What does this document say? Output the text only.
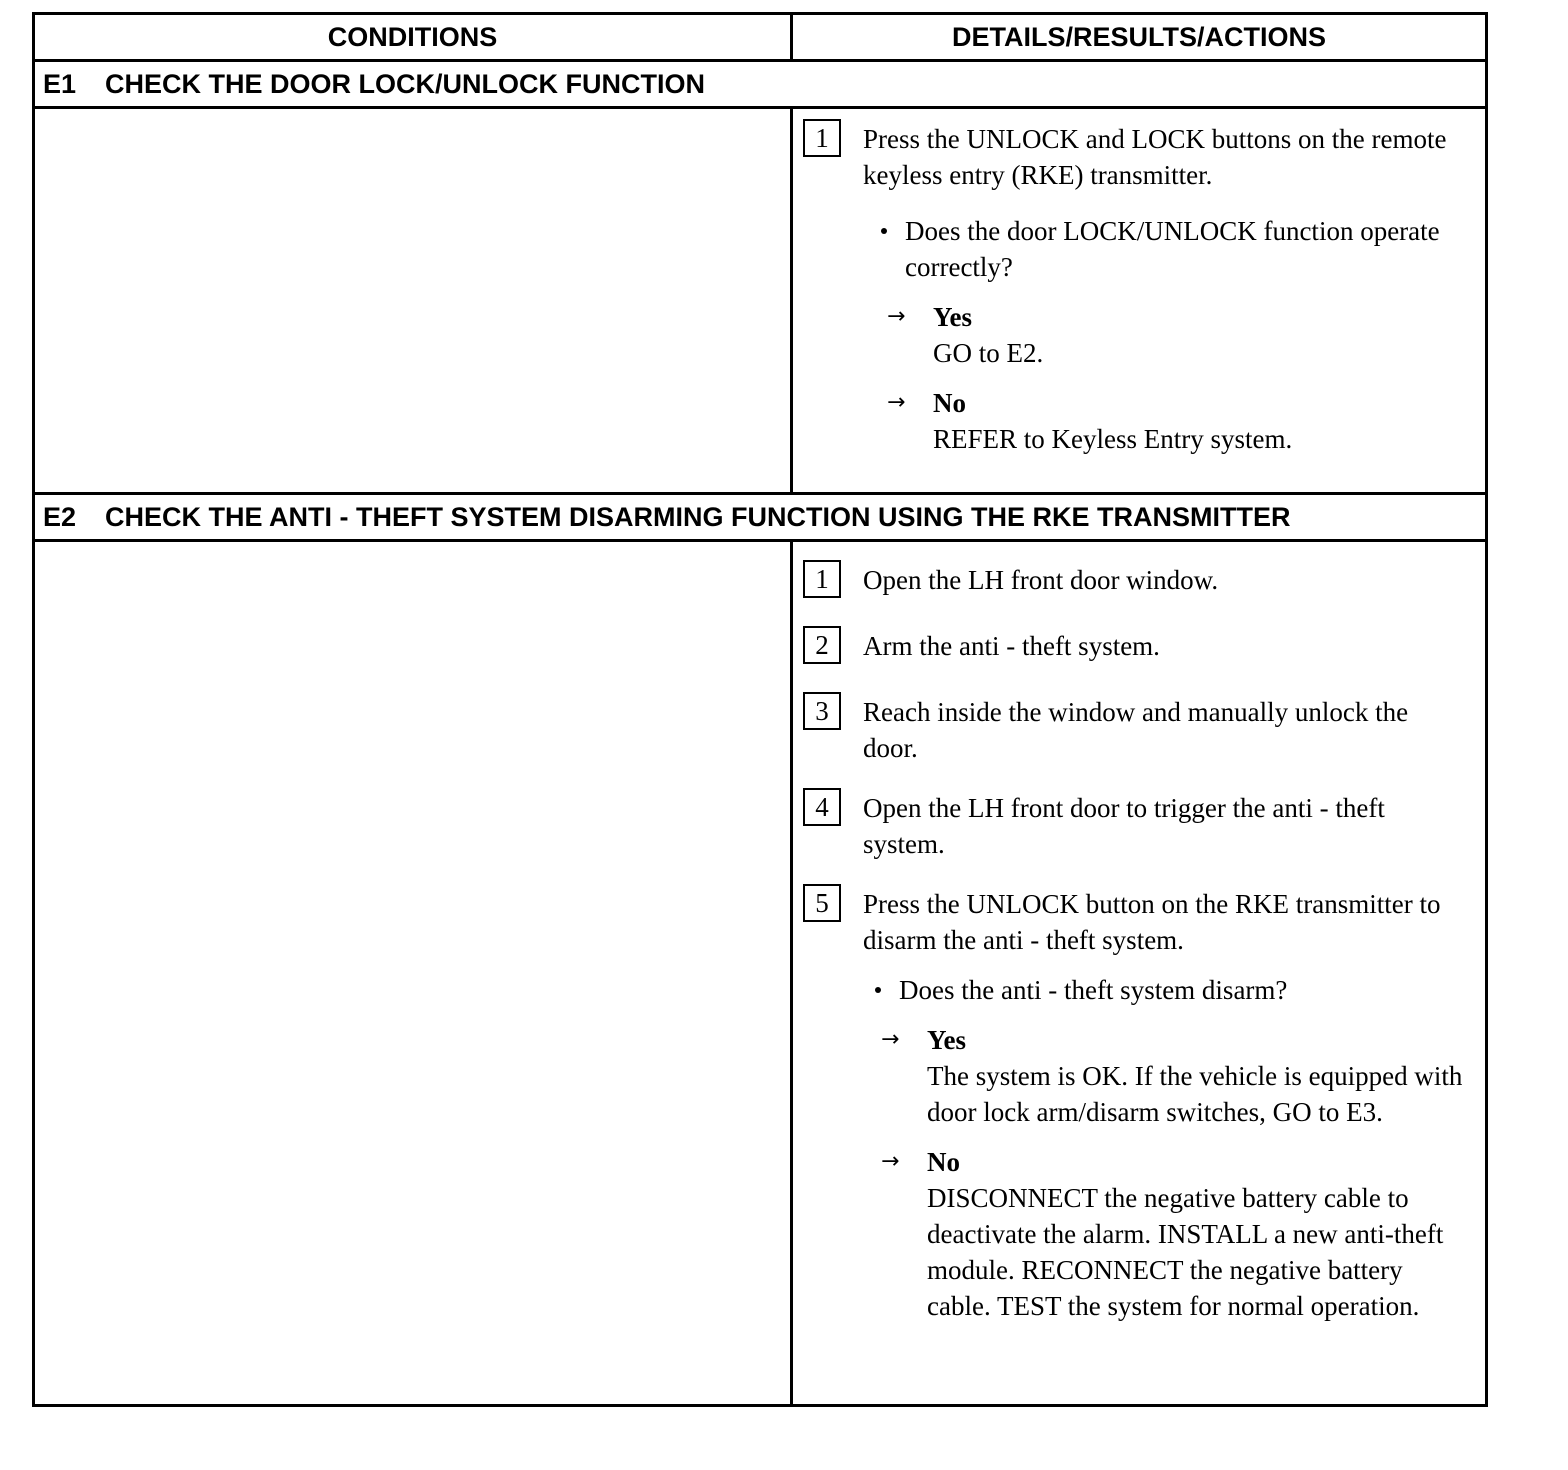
CONDITIONS	DETAILS/RESULTS/ACTIONS
E1	CHECK THE DOOR LOCK/UNLOCK FUNCTION
1	Press the UNLOCK and LOCK buttons on the remote keyless entry (RKE) transmitter.
Does the door LOCK/UNLOCK function operate correctly?
→	Yes
GO to E2.
→	No
REFER to Keyless Entry system.
E2	CHECK THE ANTI - THEFT SYSTEM DISARMING FUNCTION USING THE RKE TRANSMITTER
1	Open the LH front door window.
2	Arm the anti - theft system.
3	Reach inside the window and manually unlock the door.
4	Open the LH front door to trigger the anti - theft system.
5	Press the UNLOCK button on the RKE transmitter to disarm the anti - theft system.
Does the anti - theft system disarm?
→	Yes
The system is OK. If the vehicle is equipped with door lock arm/disarm switches, GO to E3.
→	No
DISCONNECT the negative battery cable to deactivate the alarm. INSTALL a new anti-theft module. RECONNECT the negative battery cable. TEST the system for normal operation.
